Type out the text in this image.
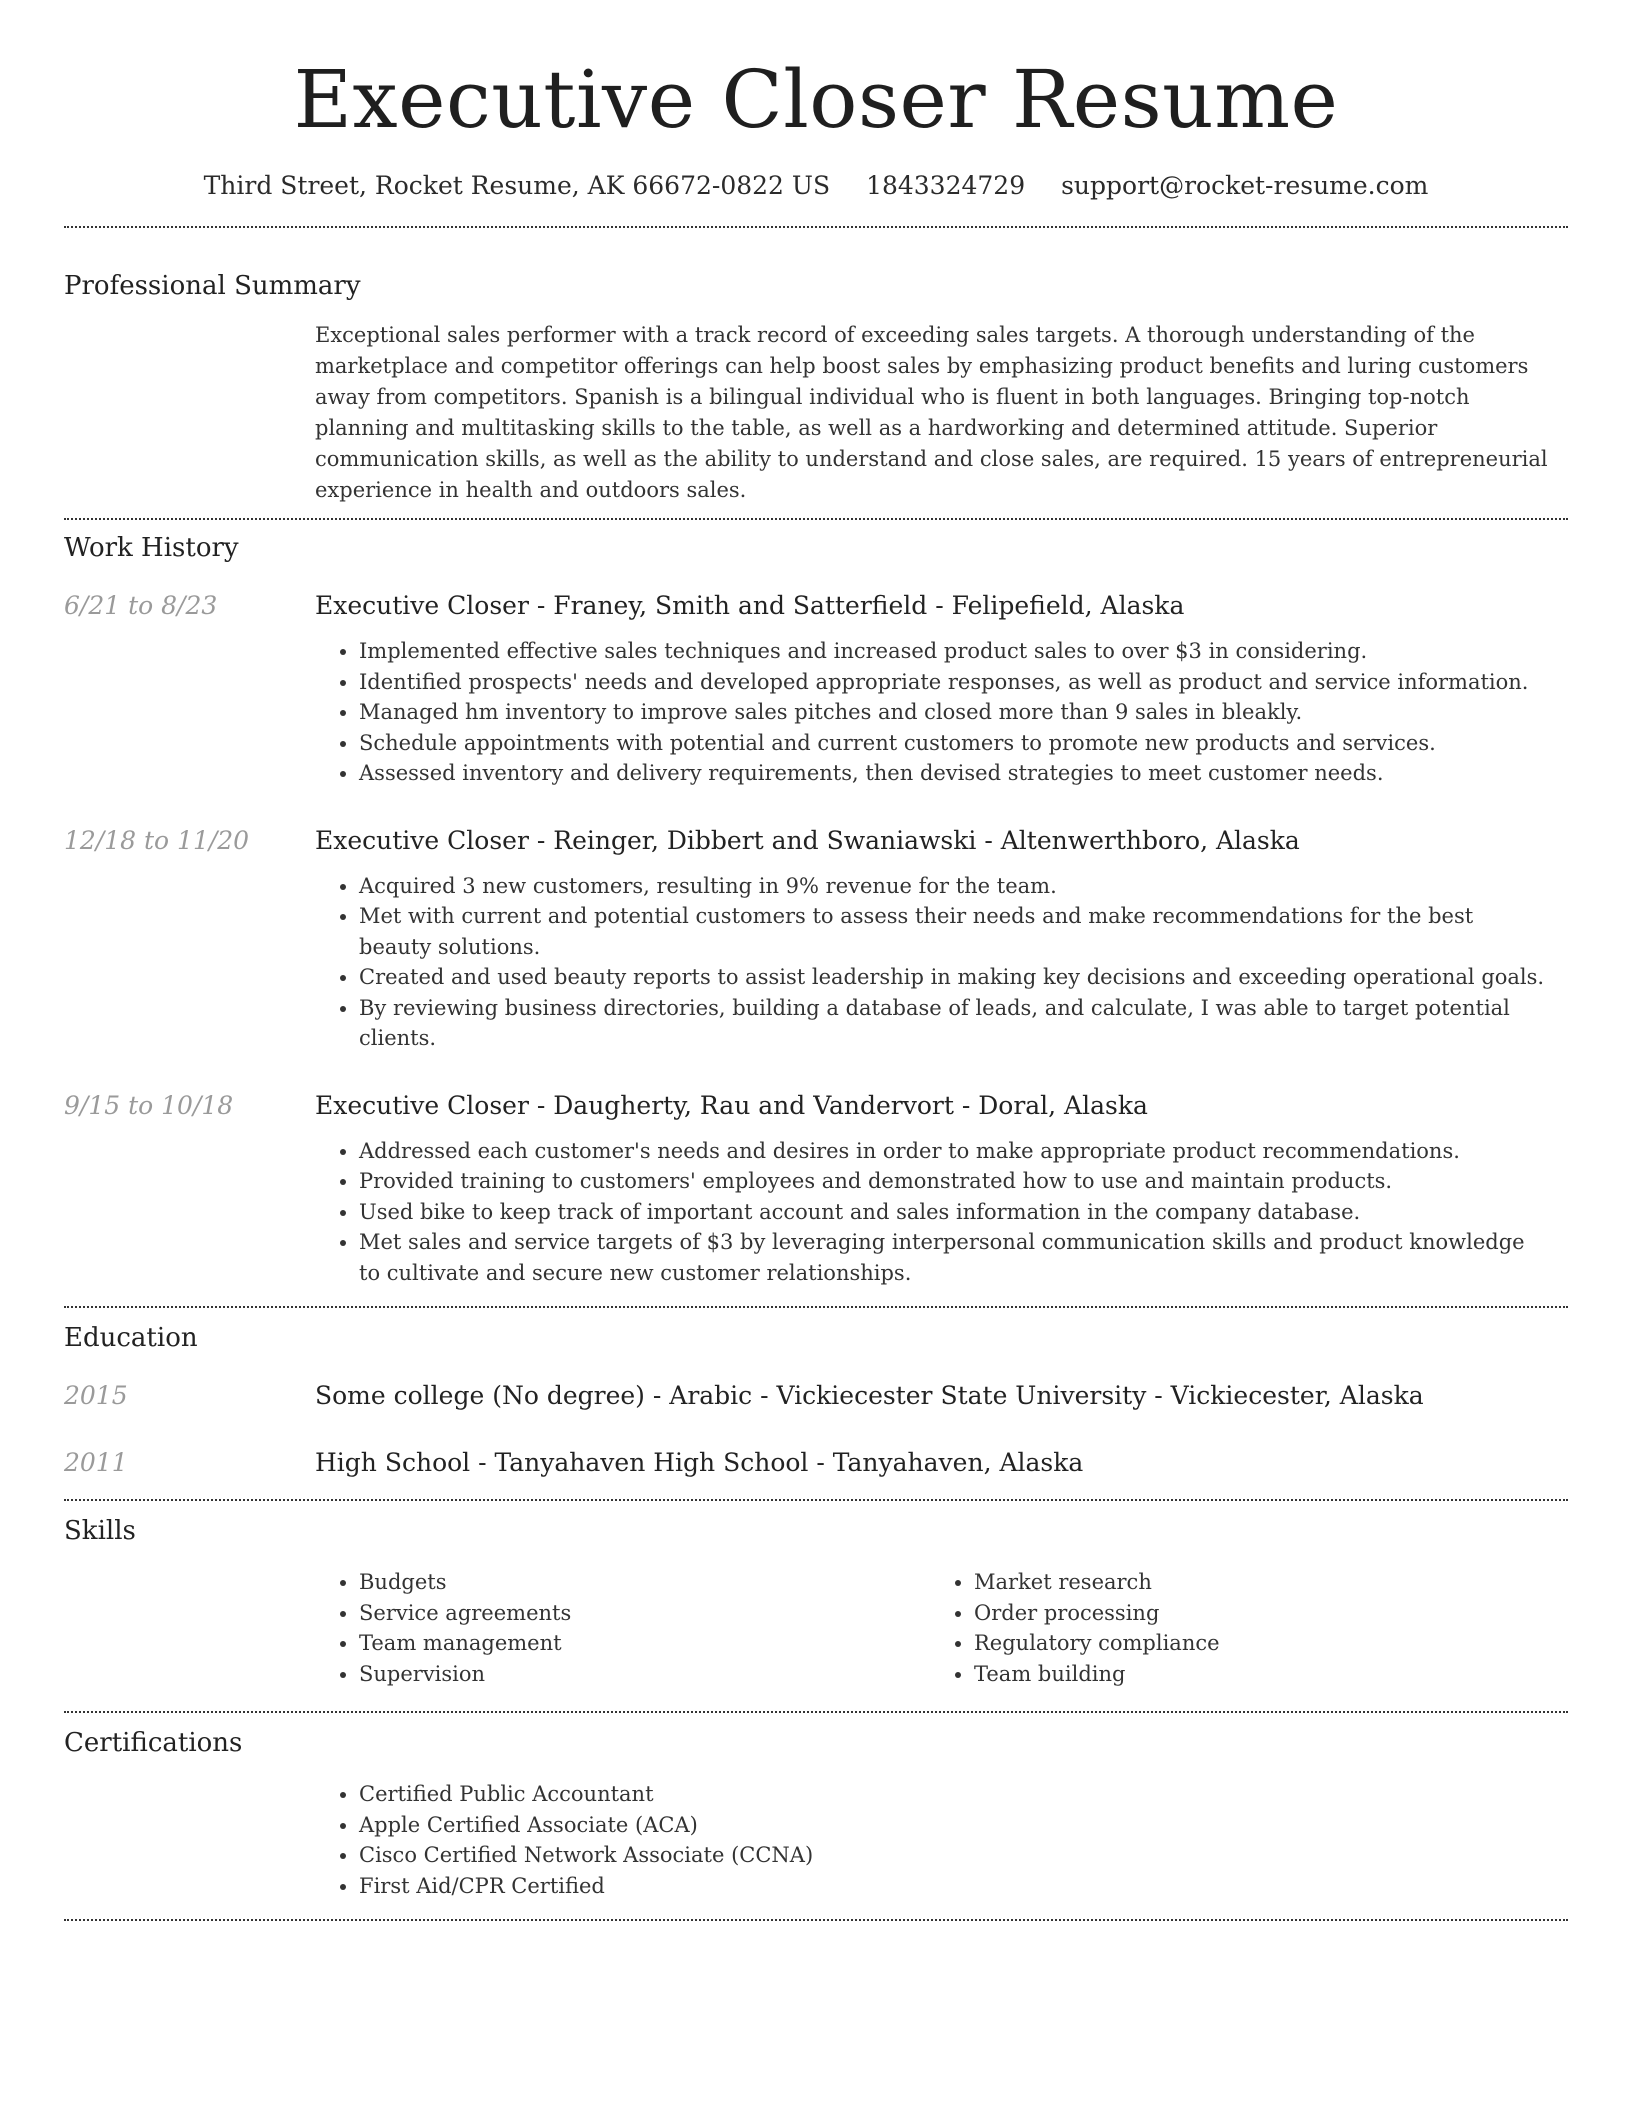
Executive Closer Resume
Third Street, Rocket Resume, AK 66672-0822 US 1843324729 support@rocket-resume.com
Professional Summary

Exceptional sales performer with a track record of exceeding sales targets. A thorough understanding of the marketplace and competitor offerings can help boost sales by emphasizing product benefits and luring customers away from competitors. Spanish is a bilingual individual who is fluent in both languages. Bringing top-notch planning and multitasking skills to the table, as well as a hardworking and determined attitude. Superior communication skills, as well as the ability to understand and close sales, are required. 15 years of entrepreneurial experience in health and outdoors sales.

Work History
6/21 to 8/23	Executive Closer - Franey, Smith and Satterfield - Felipefield, Alaska
• Implemented effective sales techniques and increased product sales to over $3 in considering.
• Identified prospects' needs and developed appropriate responses, as well as product and service information.
• Managed hm inventory to improve sales pitches and closed more than 9 sales in bleakly.
• Schedule appointments with potential and current customers to promote new products and services.
• Assessed inventory and delivery requirements, then devised strategies to meet customer needs.
12/18 to 11/20	Executive Closer - Reinger, Dibbert and Swaniawski - Altenwerthboro, Alaska
• Acquired 3 new customers, resulting in 9% revenue for the team.
• Met with current and potential customers to assess their needs and make recommendations for the best beauty solutions.
• Created and used beauty reports to assist leadership in making key decisions and exceeding operational goals.
• By reviewing business directories, building a database of leads, and calculate, I was able to target potential clients.
9/15 to 10/18	Executive Closer - Daugherty, Rau and Vandervort - Doral, Alaska
• Addressed each customer's needs and desires in order to make appropriate product recommendations.
• Provided training to customers' employees and demonstrated how to use and maintain products.
• Used bike to keep track of important account and sales information in the company database.
• Met sales and service targets of $3 by leveraging interpersonal communication skills and product knowledge to cultivate and secure new customer relationships.
Education
2015	Some college (No degree) - Arabic - Vickiecester State University - Vickiecester, Alaska
2011	High School - Tanyahaven High School - Tanyahaven, Alaska
Skills
• Budgets
• Service agreements
• Team management
• Supervision
• Market research
• Order processing
• Regulatory compliance
• Team building
Certifications
• Certified Public Accountant
• Apple Certified Associate (ACA)
• Cisco Certified Network Associate (CCNA)
• First Aid/CPR Certified
